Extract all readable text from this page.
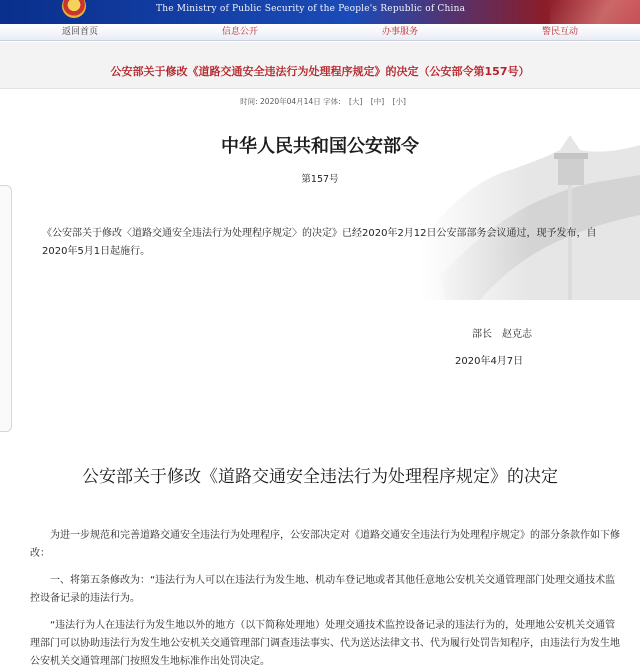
The Ministry of Public Security of the People's Republic of China
返回首页	信息公开	办事服务	警民互动
公安部关于修改《道路交通安全违法行为处理程序规定》的决定（公安部令第157号）
时间: 2020年04月14日 字体: [大] [中] [小]
中华人民共和国公安部令
第157号
《公安部关于修改〈道路交通安全违法行为处理程序规定〉的决定》已经2020年2月12日公安部部务会议通过，现予发布，自2020年5月1日起施行。
部长　赵克志
2020年4月7日
公安部关于修改《道路交通安全违法行为处理程序规定》的决定
为进一步规范和完善道路交通安全违法行为处理程序，公安部决定对《道路交通安全违法行为处理程序规定》的部分条款作如下修改：
一、将第五条修改为：“违法行为人可以在违法行为发生地、机动车登记地或者其他任意地公安机关交通管理部门处理交通技术监控设备记录的违法行为。
“违法行为人在违法行为发生地以外的地方（以下简称处理地）处理交通技术监控设备记录的违法行为的，处理地公安机关交通管理部门可以协助违法行为发生地公安机关交通管理部门调查违法事实、代为送达法律文书、代为履行处罚告知程序，由违法行为发生地公安机关交通管理部门按照发生地标准作出处罚决定。
